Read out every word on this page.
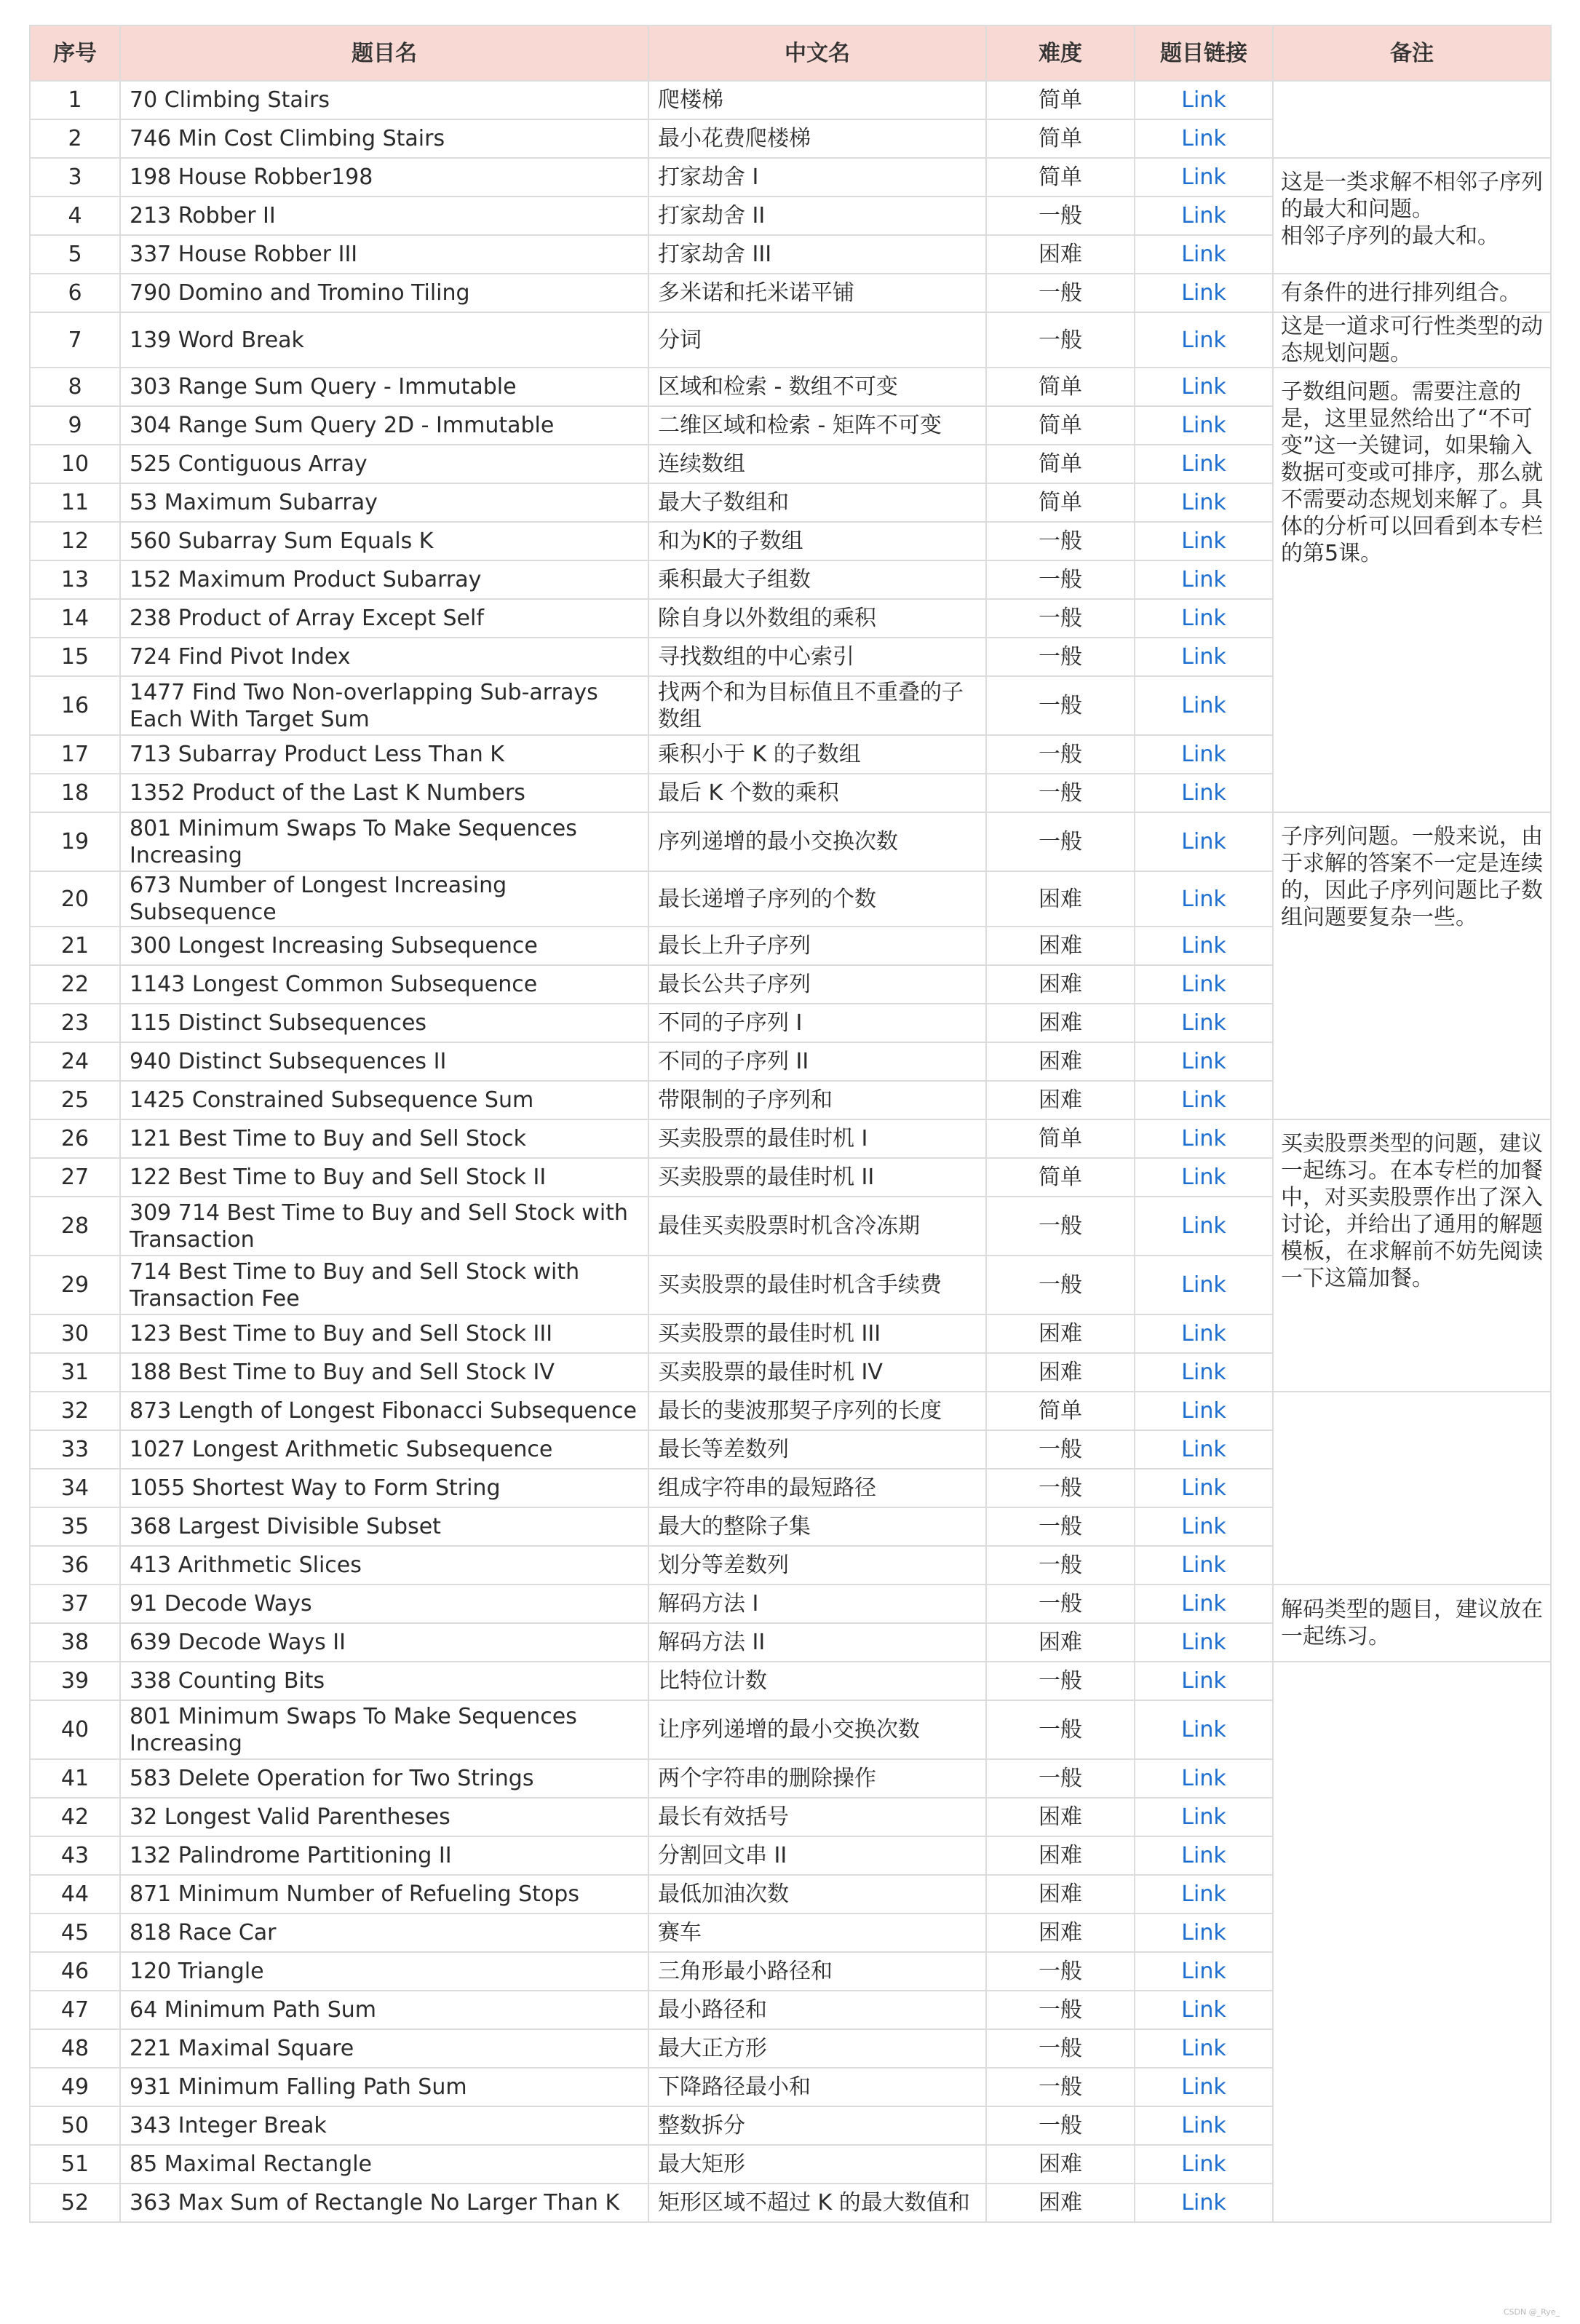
序号	题目名	中文名	难度	题目链接	备注
1	70 Climbing Stairs	爬楼梯	简单	Link	
2	746 Min Cost Climbing Stairs	最小花费爬楼梯	简单	Link	
3	198 House Robber198	打家劫舍 I	简单	Link	这是一类求解不相邻子序列的最大和问题。
相邻子序列的最大和。
4	213 Robber II	打家劫舍 II	一般	Link	
5	337 House Robber III	打家劫舍 III	困难	Link	
6	790 Domino and Tromino Tiling	多米诺和托米诺平铺	一般	Link	有条件的进行排列组合。
7	139 Word Break	分词	一般	Link	这是一道求可行性类型的动态规划问题。
8	303 Range Sum Query - Immutable	区域和检索 - 数组不可变	简单	Link	子数组问题。需要注意的是，这里显然给出了“不可变”这一关键词，如果输入数据可变或可排序，那么就不需要动态规划来解了。具体的分析可以回看到本专栏的第5课。
9	304 Range Sum Query 2D - Immutable	二维区域和检索 - 矩阵不可变	简单	Link	
10	525 Contiguous Array	连续数组	简单	Link	
11	53 Maximum Subarray	最大子数组和	简单	Link	
12	560 Subarray Sum Equals K	和为K的子数组	一般	Link	
13	152 Maximum Product Subarray	乘积最大子组数	一般	Link	
14	238 Product of Array Except Self	除自身以外数组的乘积	一般	Link	
15	724 Find Pivot Index	寻找数组的中心索引	一般	Link	
16	1477 Find Two Non-overlapping Sub-arrays Each With Target Sum	找两个和为目标值且不重叠的子数组	一般	Link	
17	713 Subarray Product Less Than K	乘积小于 K 的子数组	一般	Link	
18	1352 Product of the Last K Numbers	最后 K 个数的乘积	一般	Link	
19	801 Minimum Swaps To Make Sequences Increasing	序列递增的最小交换次数	一般	Link	子序列问题。一般来说，由于求解的答案不一定是连续的，因此子序列问题比子数组问题要复杂一些。
20	673 Number of Longest Increasing Subsequence	最长递增子序列的个数	困难	Link	
21	300 Longest Increasing Subsequence	最长上升子序列	困难	Link	
22	1143 Longest Common Subsequence	最长公共子序列	困难	Link	
23	115 Distinct Subsequences	不同的子序列 I	困难	Link	
24	940 Distinct Subsequences II	不同的子序列 II	困难	Link	
25	1425 Constrained Subsequence Sum	带限制的子序列和	困难	Link	
26	121 Best Time to Buy and Sell Stock	买卖股票的最佳时机 I	简单	Link	买卖股票类型的问题，建议一起练习。在本专栏的加餐中，对买卖股票作出了深入讨论，并给出了通用的解题模板，在求解前不妨先阅读一下这篇加餐。
27	122 Best Time to Buy and Sell Stock II	买卖股票的最佳时机 II	简单	Link	
28	309 714 Best Time to Buy and Sell Stock with Transaction	最佳买卖股票时机含冷冻期	一般	Link	
29	714 Best Time to Buy and Sell Stock with Transaction Fee	买卖股票的最佳时机含手续费	一般	Link	
30	123 Best Time to Buy and Sell Stock III	买卖股票的最佳时机 III	困难	Link	
31	188 Best Time to Buy and Sell Stock IV	买卖股票的最佳时机 IV	困难	Link	
32	873 Length of Longest Fibonacci Subsequence	最长的斐波那契子序列的长度	简单	Link	
33	1027 Longest Arithmetic Subsequence	最长等差数列	一般	Link	
34	1055 Shortest Way to Form String	组成字符串的最短路径	一般	Link	
35	368 Largest Divisible Subset	最大的整除子集	一般	Link	
36	413 Arithmetic Slices	划分等差数列	一般	Link	
37	91 Decode Ways	解码方法 I	一般	Link	解码类型的题目，建议放在一起练习。
38	639 Decode Ways II	解码方法 II	困难	Link	
39	338 Counting Bits	比特位计数	一般	Link	
40	801 Minimum Swaps To Make Sequences Increasing	让序列递增的最小交换次数	一般	Link	
41	583 Delete Operation for Two Strings	两个字符串的删除操作	一般	Link	
42	32 Longest Valid Parentheses	最长有效括号	困难	Link	
43	132 Palindrome Partitioning II	分割回文串 II	困难	Link	
44	871 Minimum Number of Refueling Stops	最低加油次数	困难	Link	
45	818 Race Car	赛车	困难	Link	
46	120 Triangle	三角形最小路径和	一般	Link	
47	64 Minimum Path Sum	最小路径和	一般	Link	
48	221 Maximal Square	最大正方形	一般	Link	
49	931 Minimum Falling Path Sum	下降路径最小和	一般	Link	
50	343 Integer Break	整数拆分	一般	Link	
51	85 Maximal Rectangle	最大矩形	困难	Link	
52	363 Max Sum of Rectangle No Larger Than K	矩形区域不超过 K 的最大数值和	困难	Link	
CSDN @_Rye_
